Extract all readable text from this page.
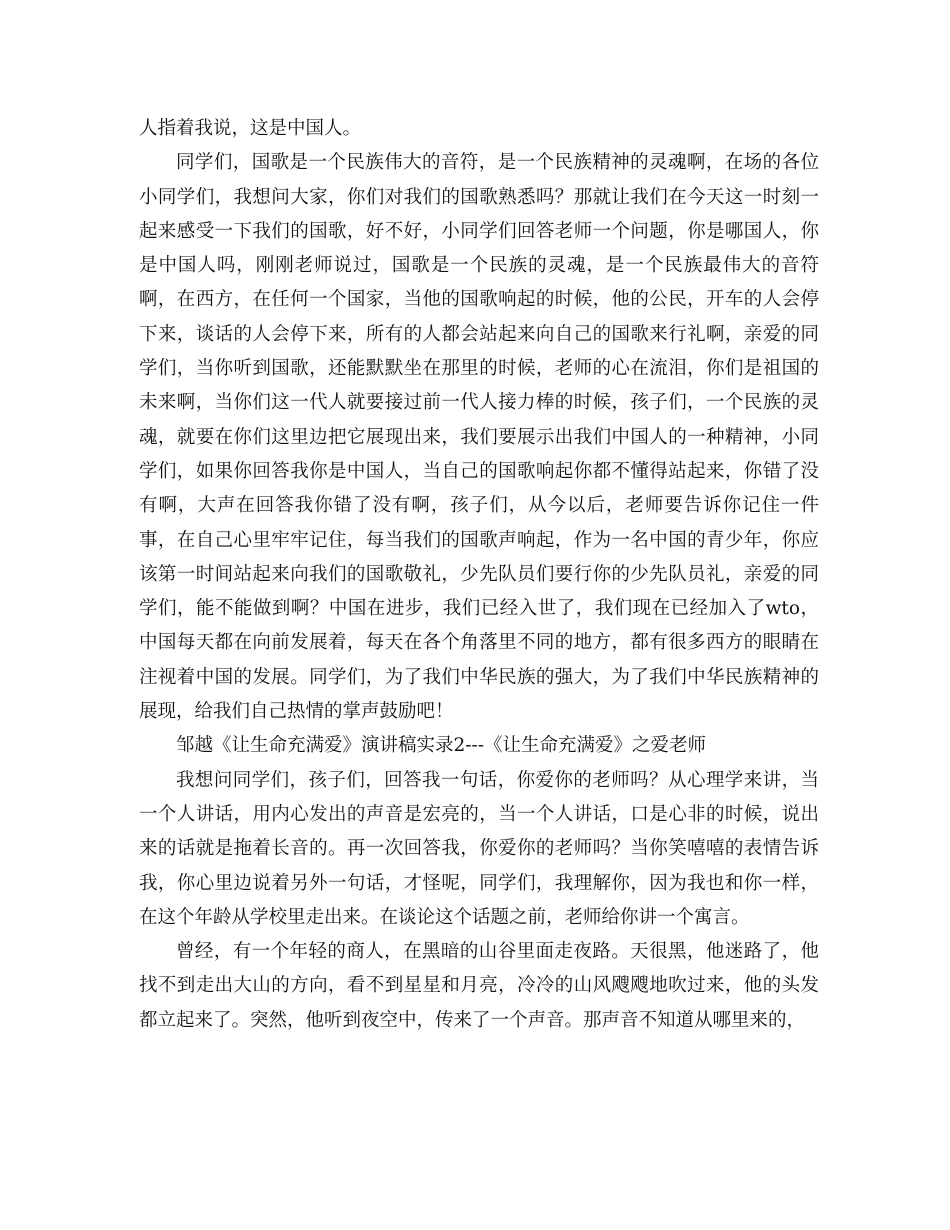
人指着我说，这是中国人。

同学们，国歌是一个民族伟大的音符，是一个民族精神的灵魂啊，在场的各位小同学们，我想问大家，你们对我们的国歌熟悉吗？那就让我们在今天这一时刻一起来感受一下我们的国歌，好不好，小同学们回答老师一个问题，你是哪国人，你是中国人吗，刚刚老师说过，国歌是一个民族的灵魂，是一个民族最伟大的音符啊，在西方，在任何一个国家，当他的国歌响起的时候，他的公民，开车的人会停下来，谈话的人会停下来，所有的人都会站起来向自己的国歌来行礼啊，亲爱的同学们，当你听到国歌，还能默默坐在那里的时候，老师的心在流泪，你们是祖国的未来啊，当你们这一代人就要接过前一代人接力棒的时候，孩子们，一个民族的灵魂，就要在你们这里边把它展现出来，我们要展示出我们中国人的一种精神，小同学们，如果你回答我你是中国人，当自己的国歌响起你都不懂得站起来，你错了没有啊，大声在回答我你错了没有啊，孩子们，从今以后，老师要告诉你记住一件事，在自己心里牢牢记住，每当我们的国歌声响起，作为一名中国的青少年，你应该第一时间站起来向我们的国歌敬礼，少先队员们要行你的少先队员礼，亲爱的同学们，能不能做到啊？中国在进步，我们已经入世了，我们现在已经加入了wto，中国每天都在向前发展着，每天在各个角落里不同的地方，都有很多西方的眼睛在注视着中国的发展。同学们，为了我们中华民族的强大，为了我们中华民族精神的展现，给我们自己热情的掌声鼓励吧！

邹越《让生命充满爱》演讲稿实录2---《让生命充满爱》之爱老师

我想问同学们，孩子们，回答我一句话，你爱你的老师吗？从心理学来讲，当一个人讲话，用内心发出的声音是宏亮的，当一个人讲话，口是心非的时候，说出来的话就是拖着长音的。再一次回答我，你爱你的老师吗？当你笑嘻嘻的表情告诉我，你心里边说着另外一句话，才怪呢，同学们，我理解你，因为我也和你一样，在这个年龄从学校里走出来。在谈论这个话题之前，老师给你讲一个寓言。

曾经，有一个年轻的商人，在黑暗的山谷里面走夜路。天很黑，他迷路了，他找不到走出大山的方向，看不到星星和月亮，冷冷的山风飕飕地吹过来，他的头发都立起来了。突然，他听到夜空中，传来了一个声音。那声音不知道从哪里来的，
